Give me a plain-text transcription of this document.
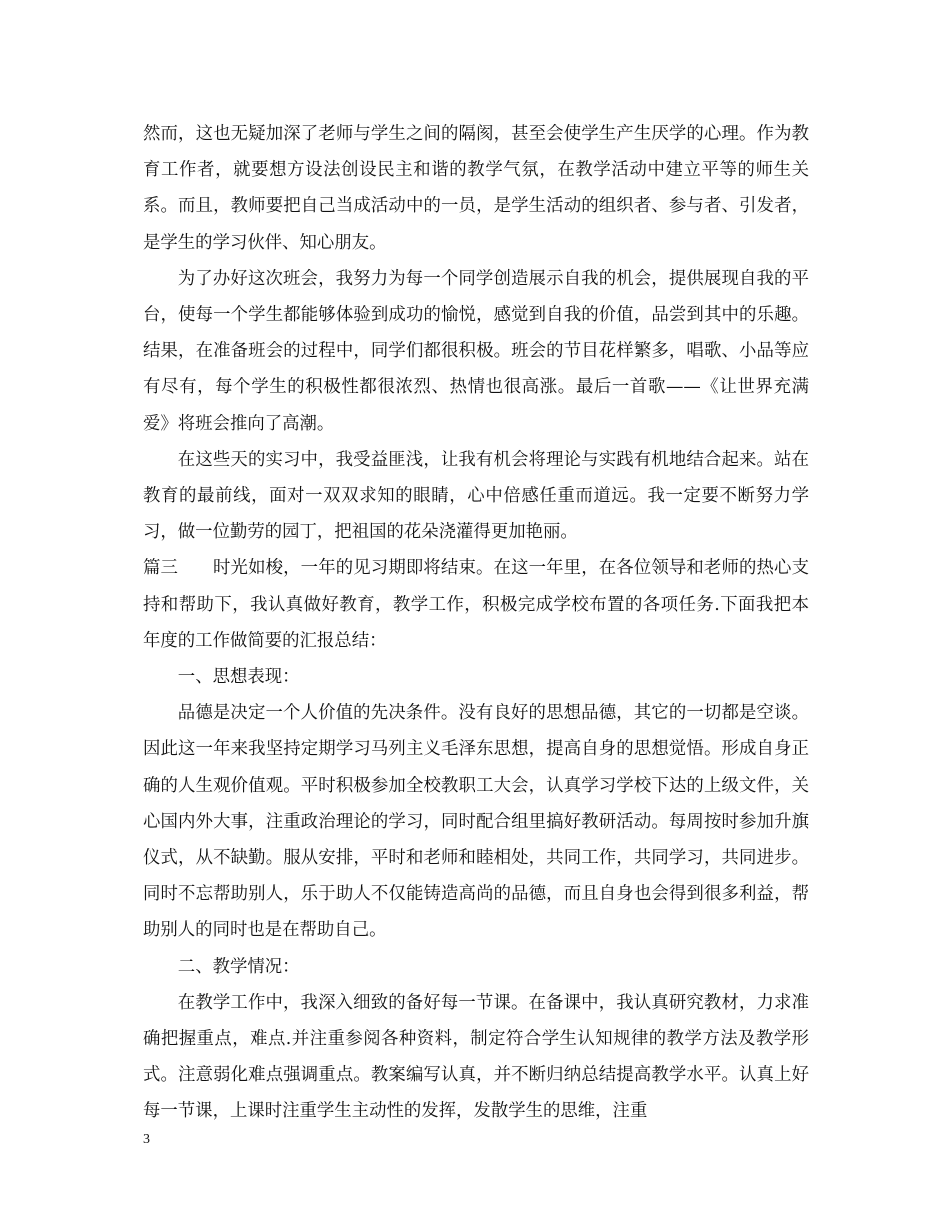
然而，这也无疑加深了老师与学生之间的隔阂，甚至会使学生产生厌学的心理。作为教育工作者，就要想方设法创设民主和谐的教学气氛，在教学活动中建立平等的师生关系。而且，教师要把自己当成活动中的一员，是学生活动的组织者、参与者、引发者，是学生的学习伙伴、知心朋友。

为了办好这次班会，我努力为每一个同学创造展示自我的机会，提供展现自我的平台，使每一个学生都能够体验到成功的愉悦，感觉到自我的价值，品尝到其中的乐趣。结果，在准备班会的过程中，同学们都很积极。班会的节目花样繁多，唱歌、小品等应有尽有，每个学生的积极性都很浓烈、热情也很高涨。最后一首歌——《让世界充满爱》将班会推向了高潮。

在这些天的实习中，我受益匪浅，让我有机会将理论与实践有机地结合起来。站在教育的最前线，面对一双双求知的眼睛，心中倍感任重而道远。我一定要不断努力学习，做一位勤劳的园丁，把祖国的花朵浇灌得更加艳丽。

篇三   时光如梭，一年的见习期即将结束。在这一年里，在各位领导和老师的热心支持和帮助下，我认真做好教育，教学工作，积极完成学校布置的各项任务.下面我把本年度的工作做简要的汇报总结：

一、思想表现：

品德是决定一个人价值的先决条件。没有良好的思想品德，其它的一切都是空谈。因此这一年来我坚持定期学习马列主义毛泽东思想，提高自身的思想觉悟。形成自身正确的人生观价值观。平时积极参加全校教职工大会，认真学习学校下达的上级文件，关心国内外大事，注重政治理论的学习，同时配合组里搞好教研活动。每周按时参加升旗仪式，从不缺勤。服从安排，平时和老师和睦相处，共同工作，共同学习，共同进步。同时不忘帮助别人，乐于助人不仅能铸造高尚的品德，而且自身也会得到很多利益，帮助别人的同时也是在帮助自己。

二、教学情况：

在教学工作中，我深入细致的备好每一节课。在备课中，我认真研究教材，力求准确把握重点，难点.并注重参阅各种资料，制定符合学生认知规律的教学方法及教学形式。注意弱化难点强调重点。教案编写认真，并不断归纳总结提高教学水平。认真上好每一节课，上课时注重学生主动性的发挥，发散学生的思维，注重

3
